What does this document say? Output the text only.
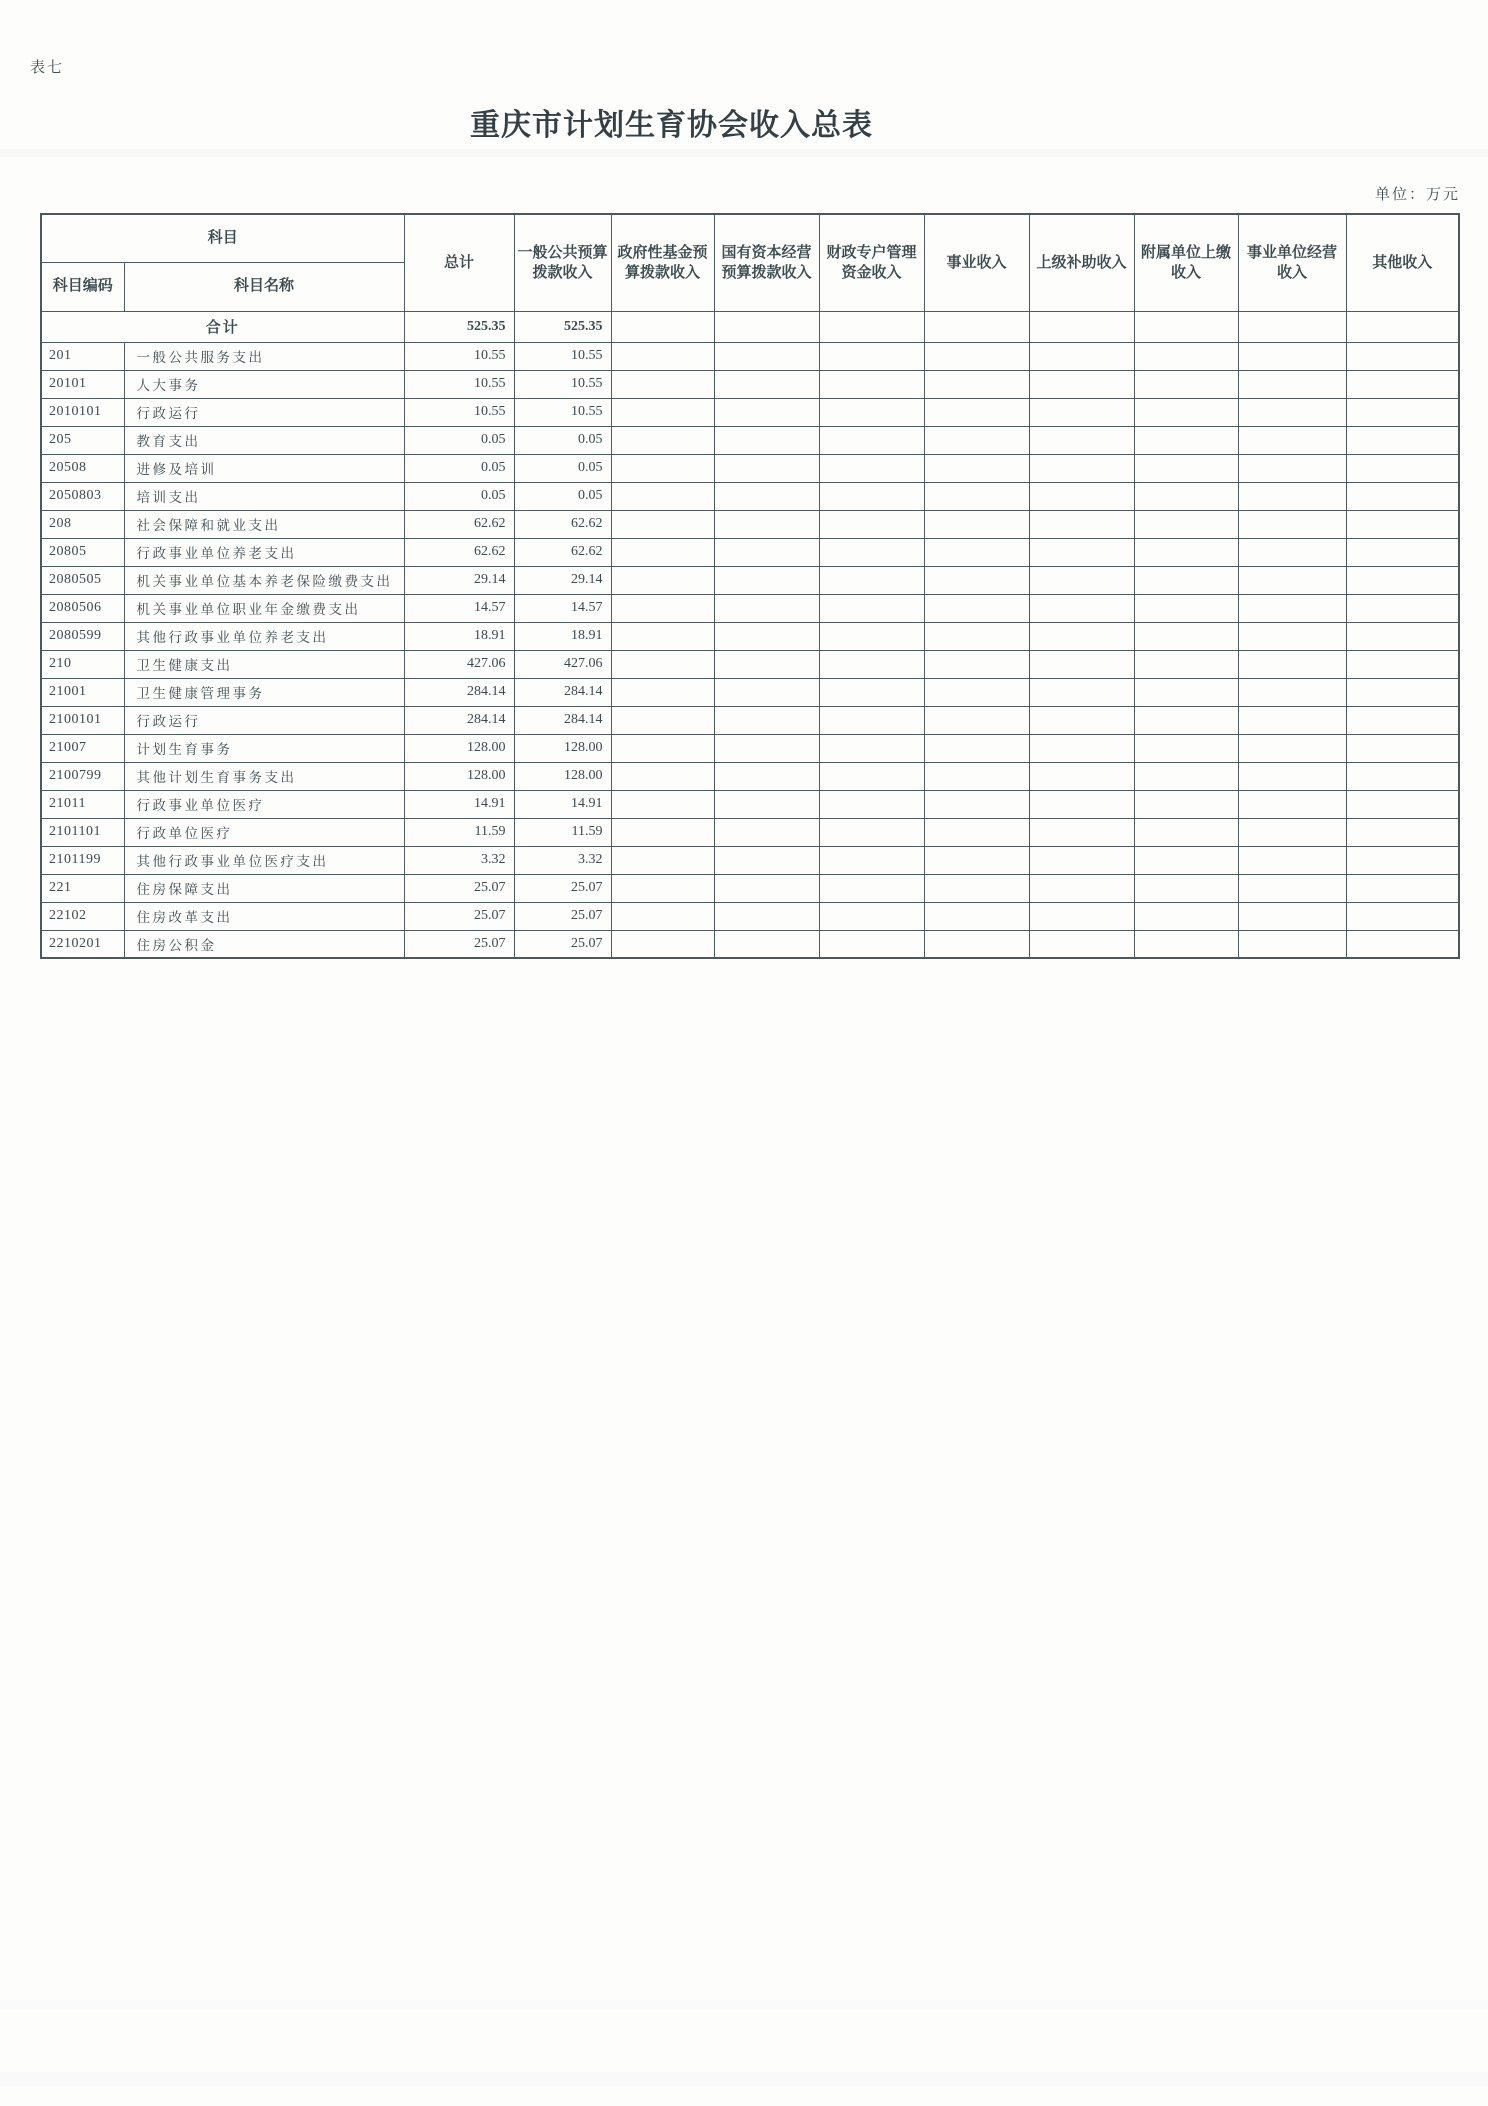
表七
重庆市计划生育协会收入总表
单位：万元
科目		总计	一般公共预算拨款收入	政府性基金预算拨款收入	国有资本经营预算拨款收入	财政专户管理资金收入	事业收入	上级补助收入	附属单位上缴收入	事业单位经营收入	其他收入
科目编码	科目名称										
合计		525.35	525.35								
201	一般公共服务支出	10.55	10.55								
20101	人大事务	10.55	10.55								
2010101	行政运行	10.55	10.55								
205	教育支出	0.05	0.05								
20508	进修及培训	0.05	0.05								
2050803	培训支出	0.05	0.05								
208	社会保障和就业支出	62.62	62.62								
20805	行政事业单位养老支出	62.62	62.62								
2080505	机关事业单位基本养老保险缴费支出	29.14	29.14								
2080506	机关事业单位职业年金缴费支出	14.57	14.57								
2080599	其他行政事业单位养老支出	18.91	18.91								
210	卫生健康支出	427.06	427.06								
21001	卫生健康管理事务	284.14	284.14								
2100101	行政运行	284.14	284.14								
21007	计划生育事务	128.00	128.00								
2100799	其他计划生育事务支出	128.00	128.00								
21011	行政事业单位医疗	14.91	14.91								
2101101	行政单位医疗	11.59	11.59								
2101199	其他行政事业单位医疗支出	3.32	3.32								
221	住房保障支出	25.07	25.07								
22102	住房改革支出	25.07	25.07								
2210201	住房公积金	25.07	25.07								
